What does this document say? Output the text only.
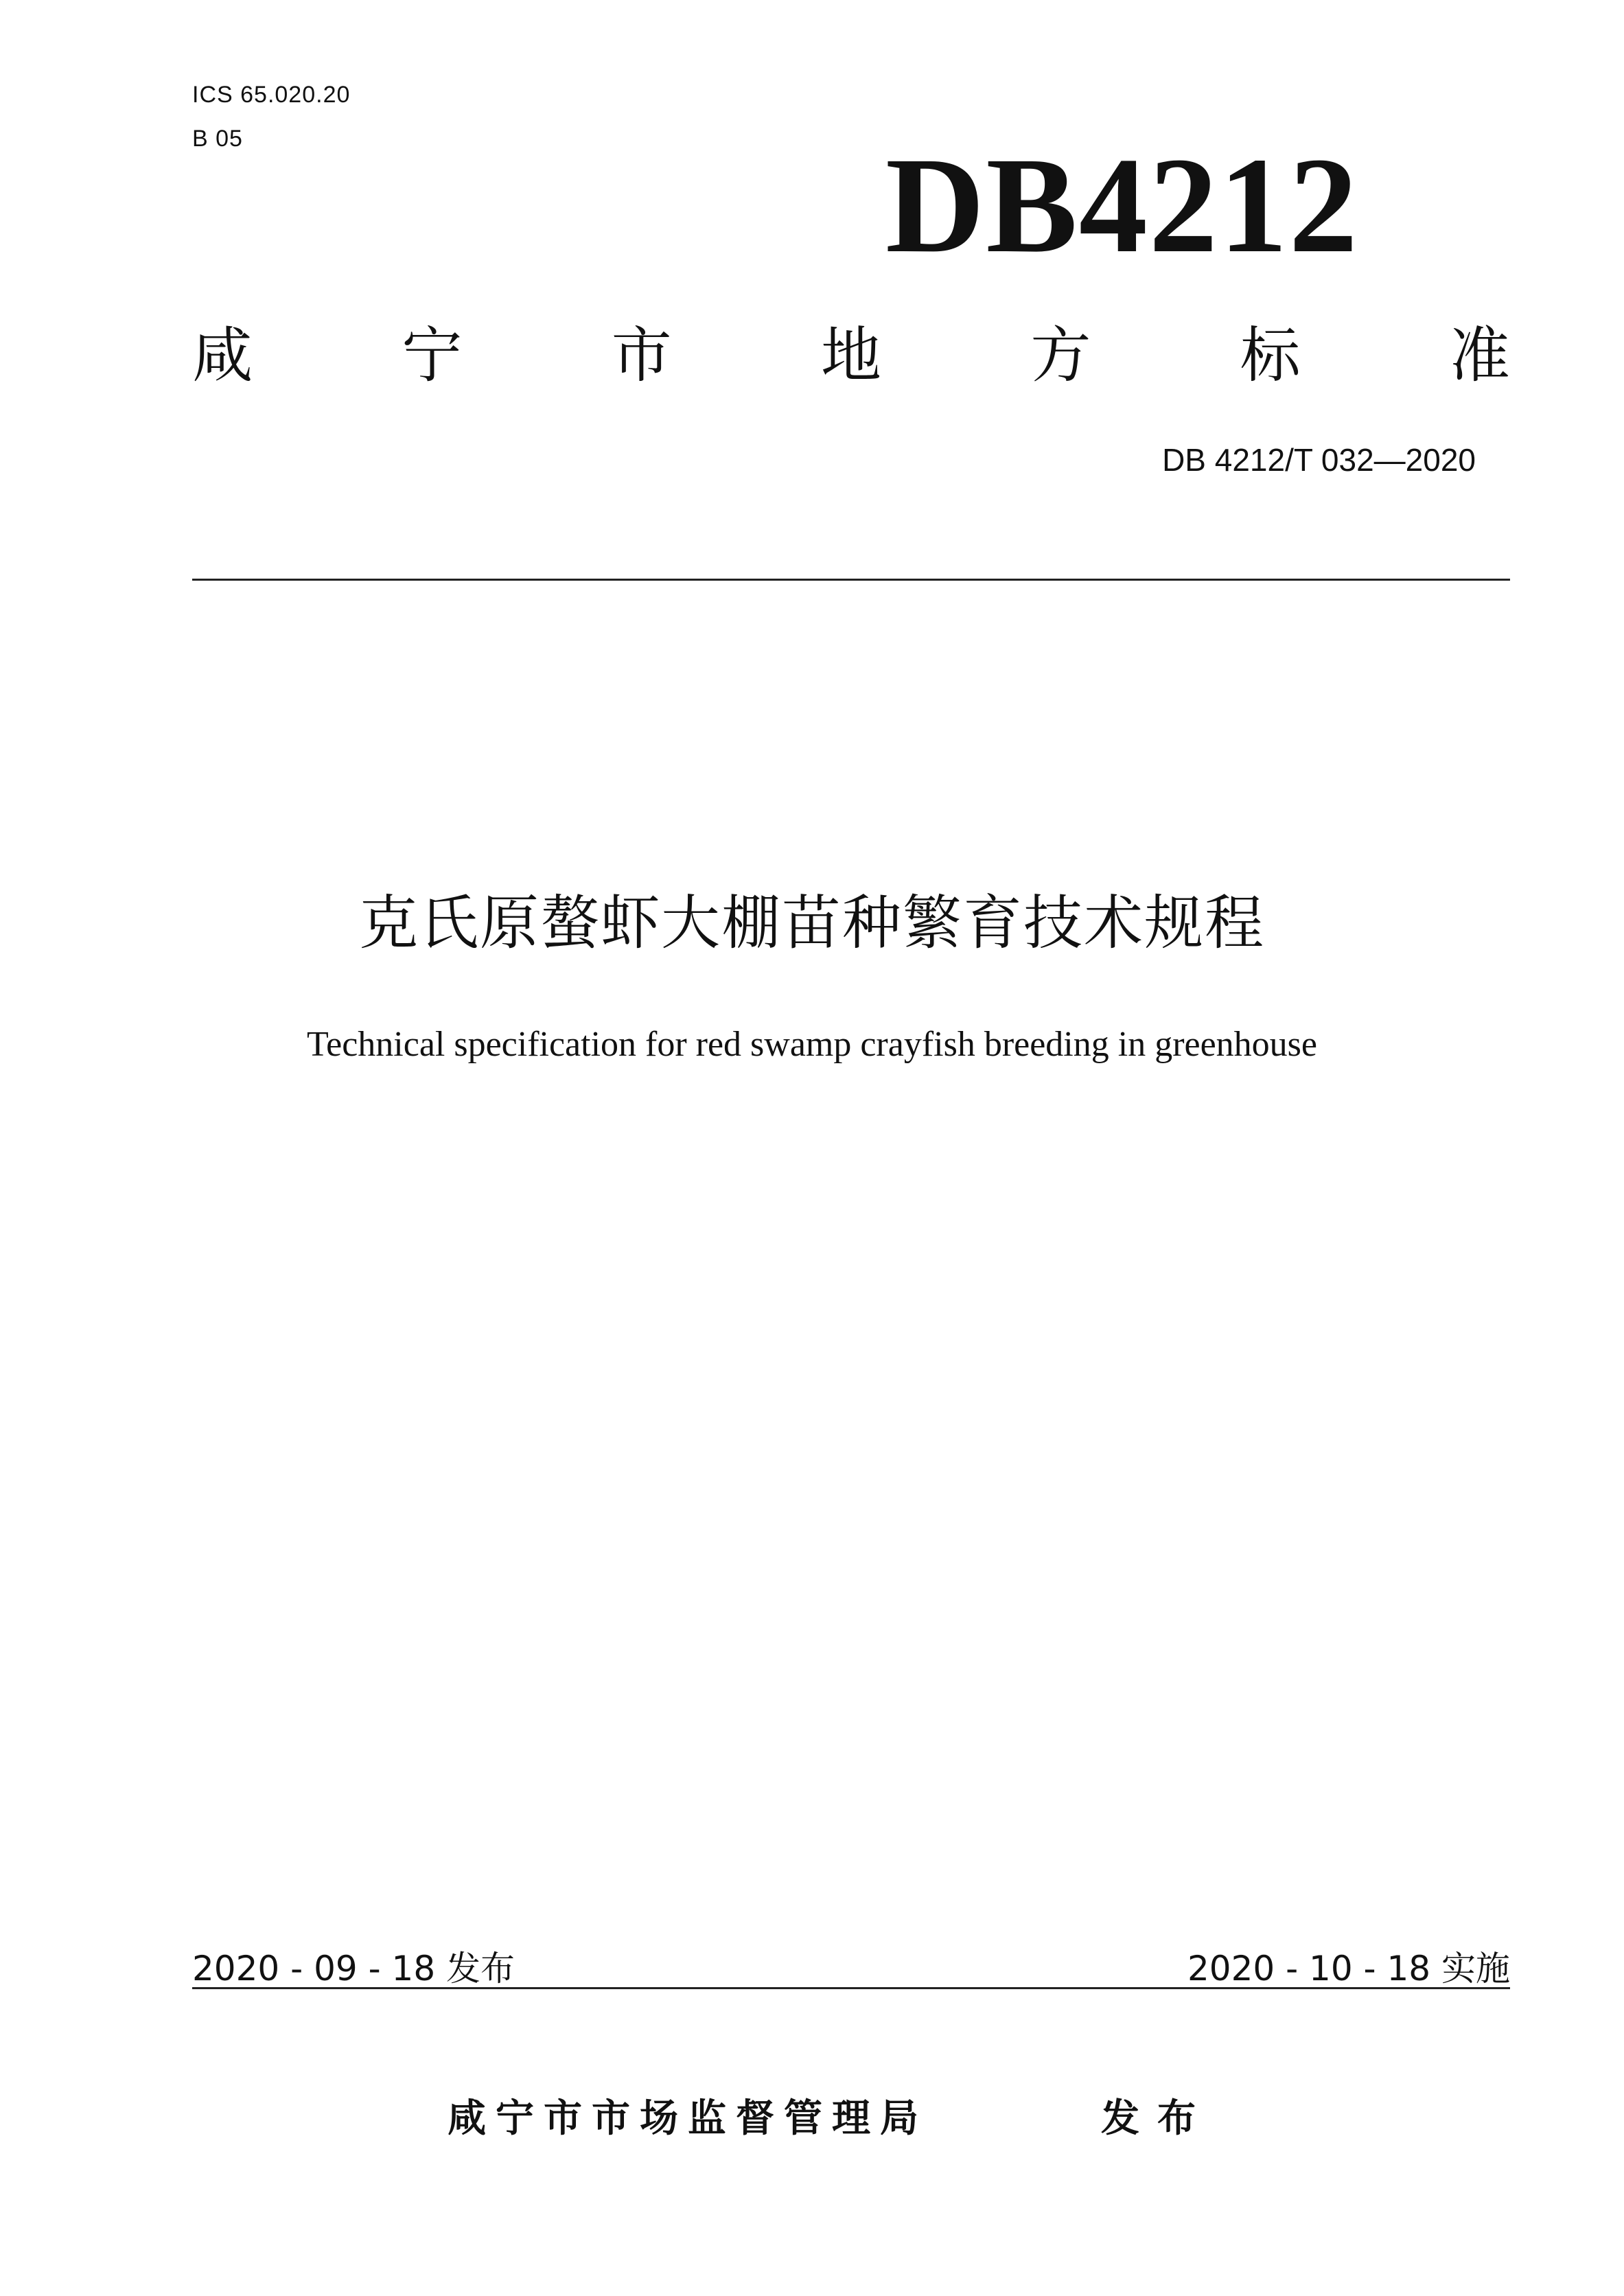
ICS 65.020.20
B 05	DB4212
咸 宁 市 地 方 标 准
DB 4212/T 032—2020
克氏原螯虾大棚苗种繁育技术规程
Technical specification for red swamp crayfish breeding in greenhouse
2020 - 09 - 18 发布	2020 - 10 - 18 实施
咸宁市市场监督管理局	发布
